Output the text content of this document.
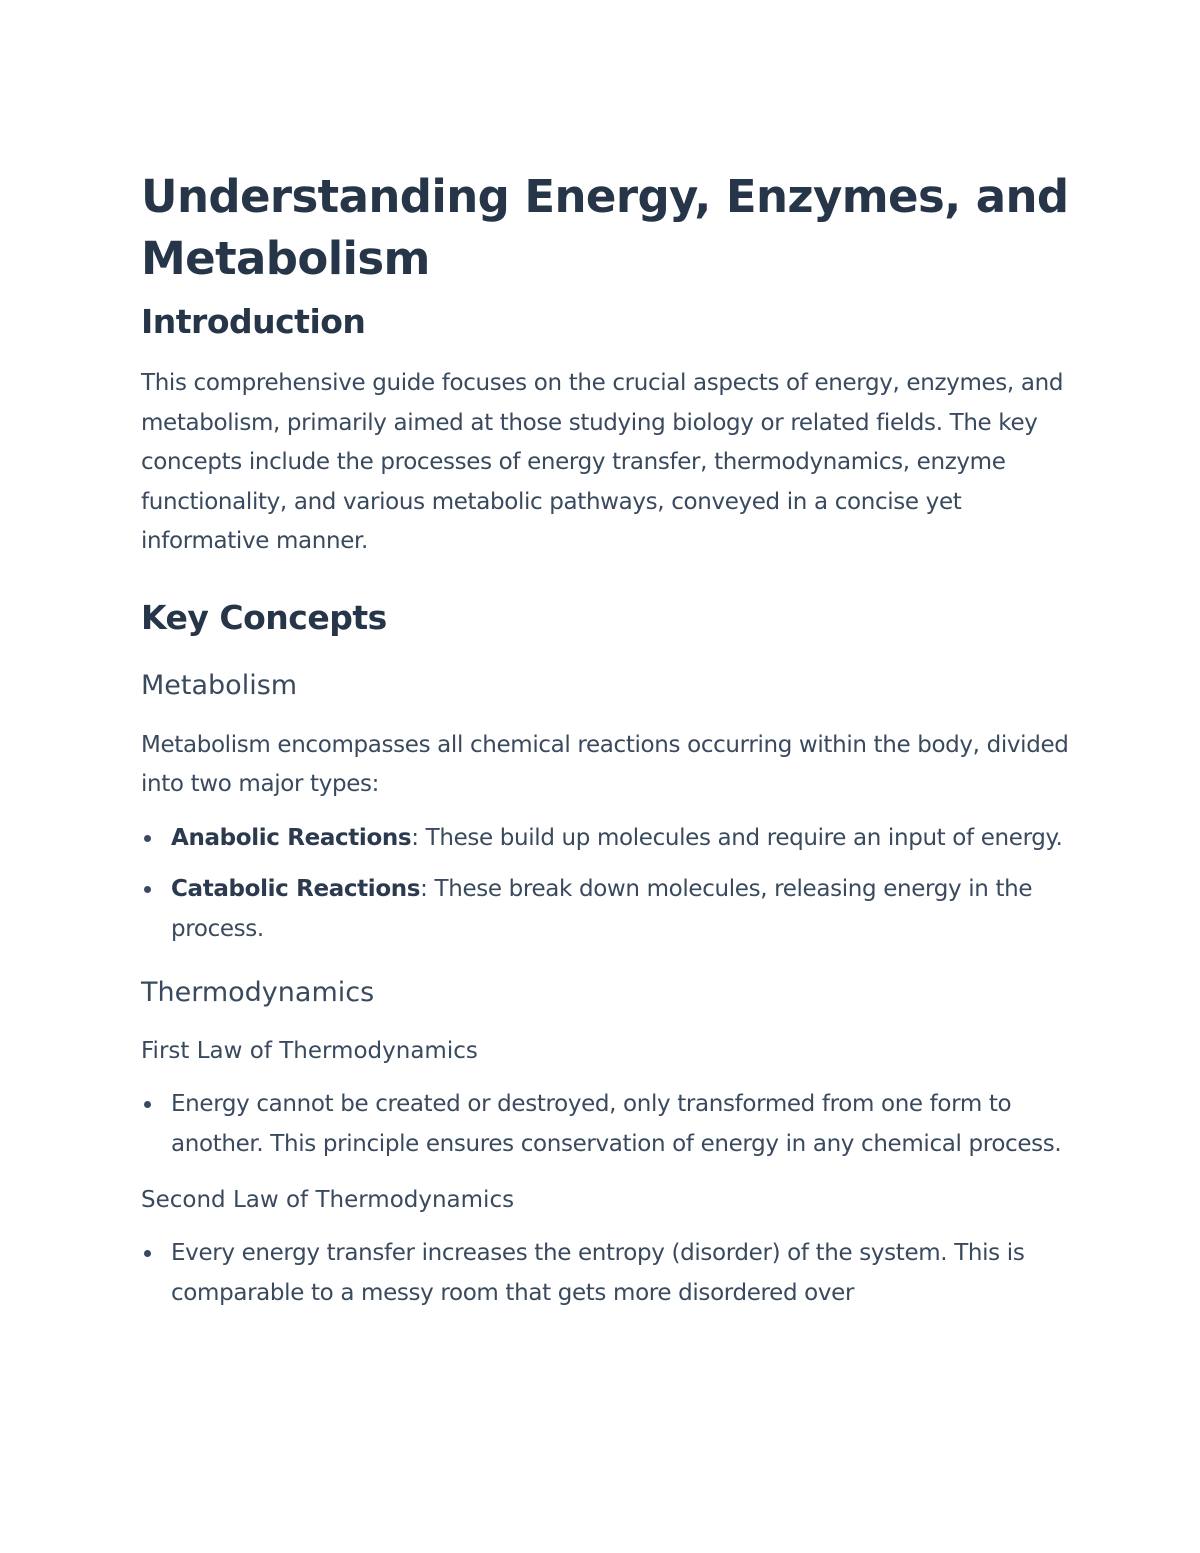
Understanding Energy, Enzymes, and Metabolism
Introduction

This comprehensive guide focuses on the crucial aspects of energy, enzymes, and metabolism, primarily aimed at those studying biology or related fields. The key concepts include the processes of energy transfer, thermodynamics, enzyme functionality, and various metabolic pathways, conveyed in a concise yet informative manner.

Key Concepts
Metabolism

Metabolism encompasses all chemical reactions occurring within the body, divided into two major types:

Anabolic Reactions: These build up molecules and require an input of energy.
Catabolic Reactions: These break down molecules, releasing energy in the process.
Thermodynamics
First Law of Thermodynamics
Energy cannot be created or destroyed, only transformed from one form to another. This principle ensures conservation of energy in any chemical process.
Second Law of Thermodynamics
Every energy transfer increases the entropy (disorder) of the system. This is comparable to a messy room that gets more disordered over
